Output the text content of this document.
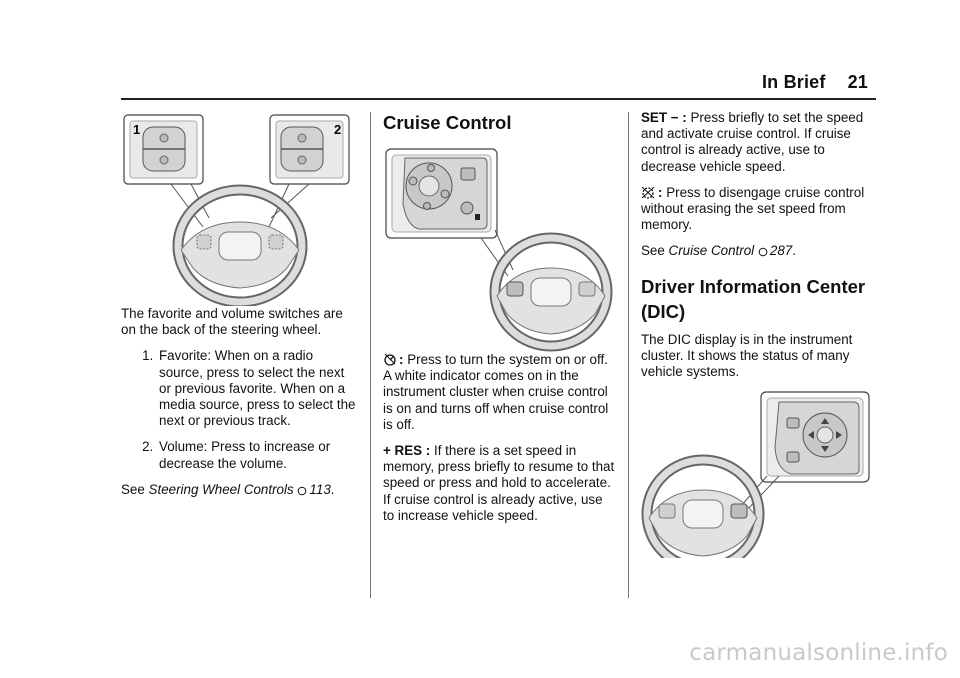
In Brief 21
1	2

The favorite and volume switches are on the back of the steering wheel.

1. Favorite: When on a radio source, press to select the next or previous favorite. When on a media source, press to select the next or previous track.
2. Volume: Press to increase or decrease the volume.

See Steering Wheel Controls 113.

Cruise Control

: Press to turn the system on or off. A white indicator comes on in the instrument cluster when cruise control is on and turns off when cruise control is off.

+ RES : If there is a set speed in memory, press briefly to resume to that speed or press and hold to accelerate. If cruise control is already active, use to increase vehicle speed.

SET − : Press briefly to set the speed and activate cruise control. If cruise control is already active, use to decrease vehicle speed.

: Press to disengage cruise control without erasing the set speed from memory.

See Cruise Control 287.

Driver Information Center (DIC)

The DIC display is in the instrument cluster. It shows the status of many vehicle systems.

carmanualsonline.info
